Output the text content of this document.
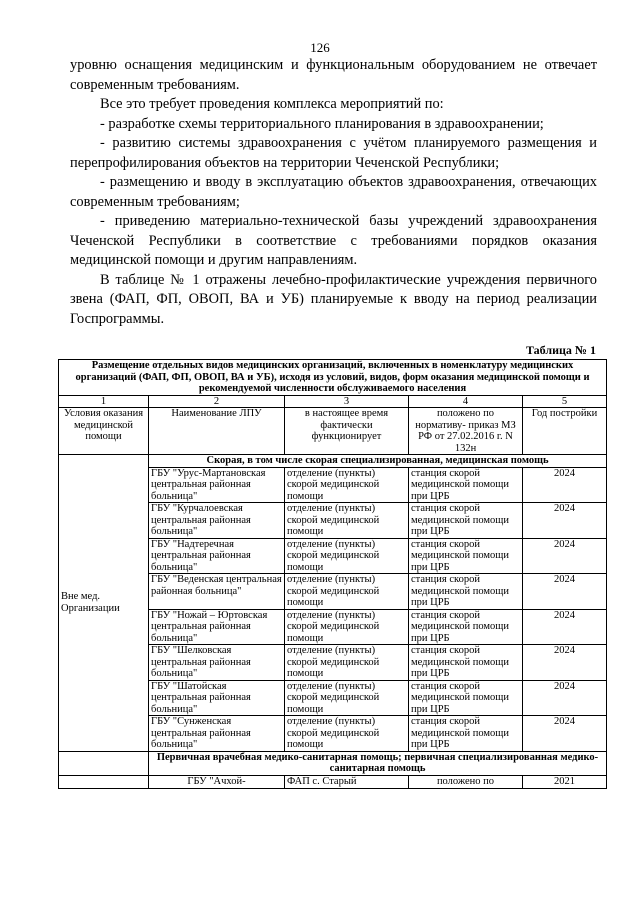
126

уровню оснащения медицинским и функциональным оборудованием не отвечает современным требованиям.

Все это требует проведения комплекса мероприятий по:

- разработке схемы территориального планирования в здравоохранении;

- развитию системы здравоохранения с учётом планируемого размещения и перепрофилирования объектов на территории Чеченской Республики;

- размещению и вводу в эксплуатацию объектов здравоохранения, отвечающих современным требованиям;

- приведению материально-технической базы учреждений здравоохранения Чеченской Республики в соответствие с требованиями порядков оказания медицинской помощи и другим направлениям.

В таблице № 1 отражены лечебно-профилактические учреждения первичного звена (ФАП, ФП, ОВОП, ВА и УБ) планируемые к вводу на период реализации Госпрограммы.

Таблица № 1
Размещение отдельных видов медицинских организаций, включенных в номенклатуру медицинских организаций (ФАП, ФП, ОВОП, ВА и УБ), исходя из условий, видов, форм оказания медицинской помощи и рекомендуемой численности обслуживаемого населения				
1	2	3	4	5
Условия оказания медицинской помощи	Наименование ЛПУ	в настоящее время фактически функционирует	положено по нормативу- приказ МЗ РФ от 27.02.2016 г. N 132н	Год постройки
Вне мед. Организации	Скорая, в том числе скорая специализированная, медицинская помощь			
	ГБУ "Урус-Мартановская центральная районная больница"	отделение (пункты) скорой медицинской помощи	станция скорой медицинской помощи при ЦРБ	2024
	ГБУ "Курчалоевская центральная районная больница"	отделение (пункты) скорой медицинской помощи	станция скорой медицинской помощи при ЦРБ	2024
	ГБУ "Надтеречная центральная районная больница"	отделение (пункты) скорой медицинской помощи	станция скорой медицинской помощи при ЦРБ	2024
	ГБУ "Веденская центральная районная больница"	отделение (пункты) скорой медицинской помощи	станция скорой медицинской помощи при ЦРБ	2024
	ГБУ "Ножай – Юртовская центральная районная больница"	отделение (пункты) скорой медицинской помощи	станция скорой медицинской помощи при ЦРБ	2024
	ГБУ "Шелковская центральная районная больница"	отделение (пункты) скорой медицинской помощи	станция скорой медицинской помощи при ЦРБ	2024
	ГБУ "Шатойская центральная районная больница"	отделение (пункты) скорой медицинской помощи	станция скорой медицинской помощи при ЦРБ	2024
	ГБУ "Сунженская центральная районная больница"	отделение (пункты) скорой медицинской помощи	станция скорой медицинской помощи при ЦРБ	2024
	Первичная врачебная медико-санитарная помощь; первичная специализированная медико-санитарная помощь			
	ГБУ "Ачхой-	ФАП с. Старый	положено по	2021
